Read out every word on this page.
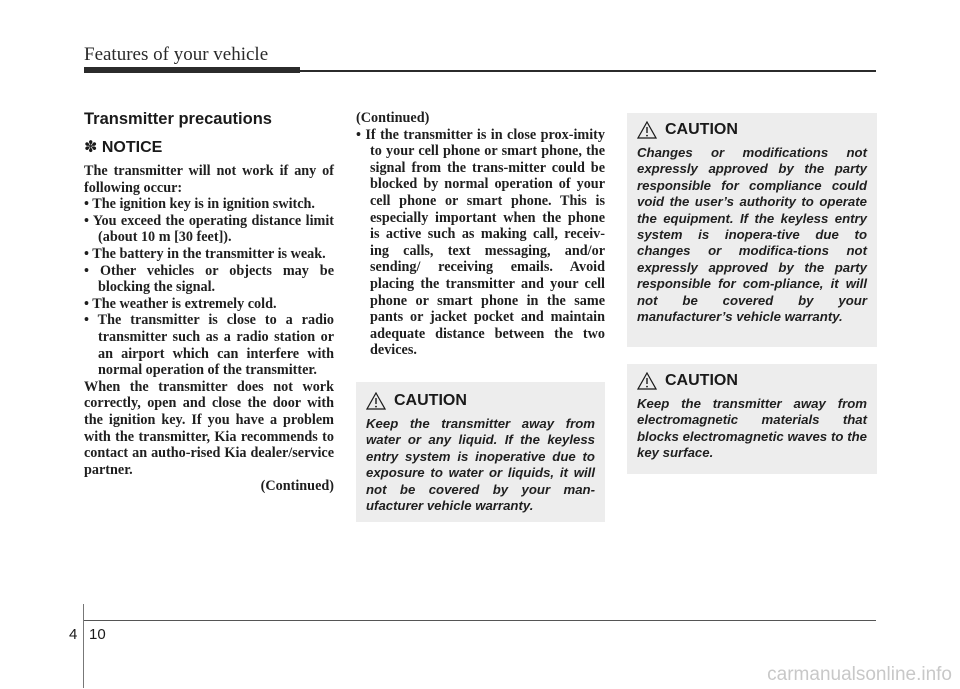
Features of your vehicle
Transmitter precautions
✽ NOTICE

The transmitter will not work if any of following occur:

• The ignition key is in ignition switch.

• You exceed the operating distance limit (about 10 m [30 feet]).

• The battery in the transmitter is weak.

• Other vehicles or objects may be blocking the signal.

• The weather is extremely cold.

• The transmitter is close to a radio transmitter such as a radio station or an airport which can interfere with normal operation of the transmitter.

When the transmitter does not work correctly, open and close the door with the ignition key. If you have a problem with the transmitter, Kia recommends to contact an autho-rised Kia dealer/service partner.

(Continued)

(Continued)

• If the transmitter is in close prox-imity to your cell phone or smart phone, the signal from the trans-mitter could be blocked by normal operation of your cell phone or smart phone. This is especially important when the phone is active such as making call, receiv-ing calls, text messaging, and/or sending/ receiving emails. Avoid placing the transmitter and your cell phone or smart phone in the same pants or jacket pocket and maintain adequate distance between the two devices.

CAUTION
Keep the transmitter away from water or any liquid. If the keyless entry system is inoperative due to exposure to water or liquids, it will not be covered by your man-ufacturer vehicle warranty.
CAUTION
Changes or modifications not expressly approved by the party responsible for compliance could void the user’s authority to operate the equipment. If the keyless entry system is inopera-tive due to changes or modifica-tions not expressly approved by the party responsible for com-pliance, it will not be covered by your manufacturer’s vehicle warranty.
CAUTION
Keep the transmitter away from electromagnetic materials that blocks electromagnetic waves to the key surface.
4 10
carmanualsonline.info
